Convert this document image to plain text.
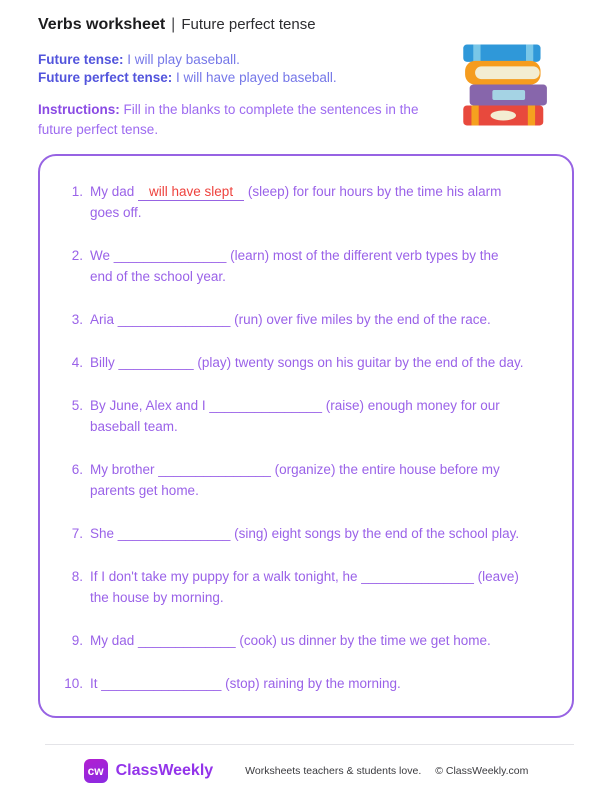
Verbs worksheet | Future perfect tense

Future tense: I will play baseball.

Future perfect tense: I will have played baseball.

Instructions: Fill in the blanks to complete the sentences in the future perfect tense.

1. My dad will have slept (sleep) for four hours by the time his alarm
goes off.
2. We _______________ (learn) most of the different verb types by the
end of the school year.
3. Aria _______________ (run) over five miles by the end of the race.
4. Billy __________ (play) twenty songs on his guitar by the end of the day.
5. By June, Alex and I _______________ (raise) enough money for our
baseball team.
6. My brother _______________ (organize) the entire house before my
parents get home.
7. She _______________ (sing) eight songs by the end of the school play.
8. If I don't take my puppy for a walk tonight, he _______________ (leave)
the house by morning.
9. My dad _____________ (cook) us dinner by the time we get home.
10. It ________________ (stop) raining by the morning.
cw ClassWeekly	Worksheets teachers & students love. © ClassWeekly.com
